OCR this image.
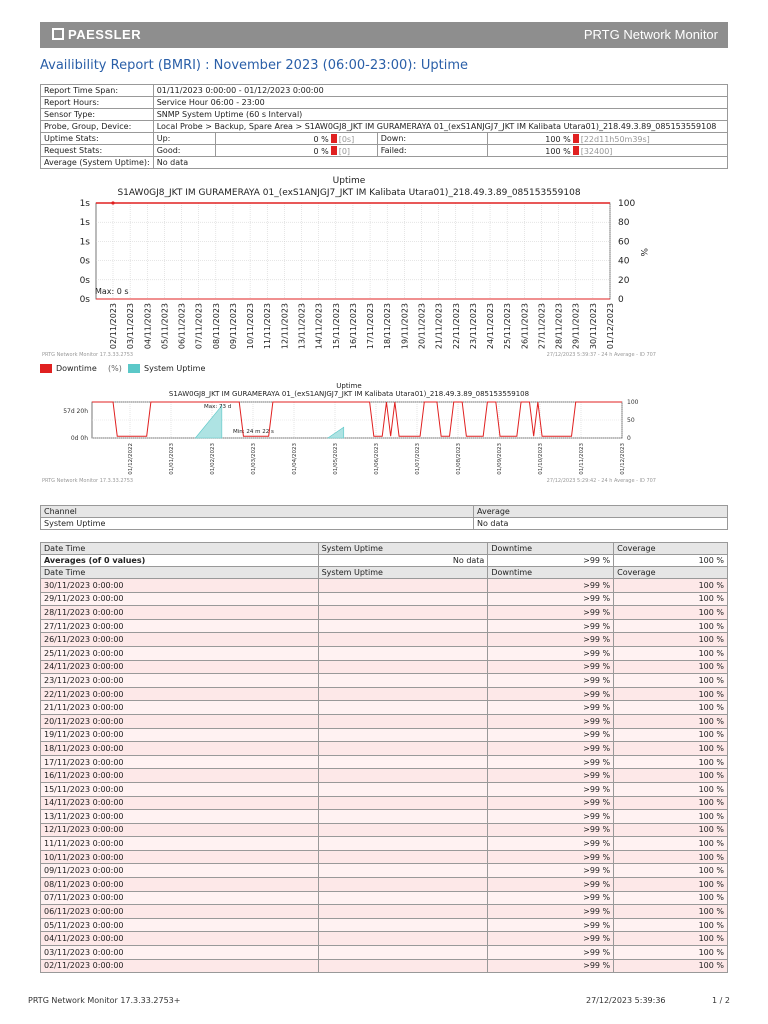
PAESSLER	PRTG Network Monitor
Availibility Report (BMRI) : November 2023 (06:00-23:00): Uptime
Report Time Span:	01/11/2023 0:00:00 - 01/12/2023 0:00:00			
Report Hours:	Service Hour 06:00 - 23:00			
Sensor Type:	SNMP System Uptime (60 s Interval)			
Probe, Group, Device:	Local Probe > Backup, Spare Area > S1AW0GJ8_JKT IM GURAMERAYA 01_(exS1ANJGJ7_JKT IM Kalibata Utara01)_218.49.3.89_085153559108			
Uptime Stats:	Up:	0 % [0s]	Down:	100 % [22d11h50m39s]
Request Stats:	Good:	0 % [0]	Failed:	100 % [32400]
Average (System Uptime):	No data			
Uptime
S1AW0GJ8_JKT IM GURAMERAYA 01_(exS1ANJGJ7_JKT IM Kalibata Utara01)_218.49.3.89_085153559108
02/11/2023 03/11/2023 04/11/2023 05/11/2023 06/11/2023 07/11/2023 08/11/2023 09/11/2023 10/11/2023 11/11/2023 12/11/2023 13/11/2023 14/11/2023 15/11/2023 16/11/2023 17/11/2023 18/11/2023 19/11/2023 20/11/2023 21/11/2023 22/11/2023 23/11/2023 24/11/2023 25/11/2023 26/11/2023 27/11/2023 28/11/2023 29/11/2023 30/11/2023 01/12/2023
100
80
60
40
20
0
1s
1s
1s
0s
0s
0s
%
Max: 0 s
PRTG Network Monitor 17.3.33.2753	27/12/2023 5:39:37 - 24 h Average - ID 707
Downtime (%)	System Uptime
Uptime
S1AW0GJ8_JKT IM GURAMERAYA 01_(exS1ANJGJ7_JKT IM Kalibata Utara01)_218.49.3.89_085153559108
01/12/2022	01/01/2023	01/02/2023	01/03/2023	01/04/2023	01/05/2023	01/06/2023	01/07/2023	01/08/2023	01/09/2023	01/10/2023	01/11/2023	01/12/2023
100
50
0
57d 20h
0d 0h
Max: 73 d
Min: 24 m 22 s
PRTG Network Monitor 17.3.33.2753	27/12/2023 5:29:42 - 24 h Average - ID 707
Channel	Average
System Uptime	No data
Date Time	System Uptime	Downtime	Coverage
Averages (of 0 values)	No data	>99 %	100 %
Date Time	System Uptime	Downtime	Coverage
30/11/2023 0:00:00		>99 %	100 %
29/11/2023 0:00:00		>99 %	100 %
28/11/2023 0:00:00		>99 %	100 %
27/11/2023 0:00:00		>99 %	100 %
26/11/2023 0:00:00		>99 %	100 %
25/11/2023 0:00:00		>99 %	100 %
24/11/2023 0:00:00		>99 %	100 %
23/11/2023 0:00:00		>99 %	100 %
22/11/2023 0:00:00		>99 %	100 %
21/11/2023 0:00:00		>99 %	100 %
20/11/2023 0:00:00		>99 %	100 %
19/11/2023 0:00:00		>99 %	100 %
18/11/2023 0:00:00		>99 %	100 %
17/11/2023 0:00:00		>99 %	100 %
16/11/2023 0:00:00		>99 %	100 %
15/11/2023 0:00:00		>99 %	100 %
14/11/2023 0:00:00		>99 %	100 %
13/11/2023 0:00:00		>99 %	100 %
12/11/2023 0:00:00		>99 %	100 %
11/11/2023 0:00:00		>99 %	100 %
10/11/2023 0:00:00		>99 %	100 %
09/11/2023 0:00:00		>99 %	100 %
08/11/2023 0:00:00		>99 %	100 %
07/11/2023 0:00:00		>99 %	100 %
06/11/2023 0:00:00		>99 %	100 %
05/11/2023 0:00:00		>99 %	100 %
04/11/2023 0:00:00		>99 %	100 %
03/11/2023 0:00:00		>99 %	100 %
02/11/2023 0:00:00		>99 %	100 %
PRTG Network Monitor 17.3.33.2753+	27/12/2023 5:39:36	1 / 2
